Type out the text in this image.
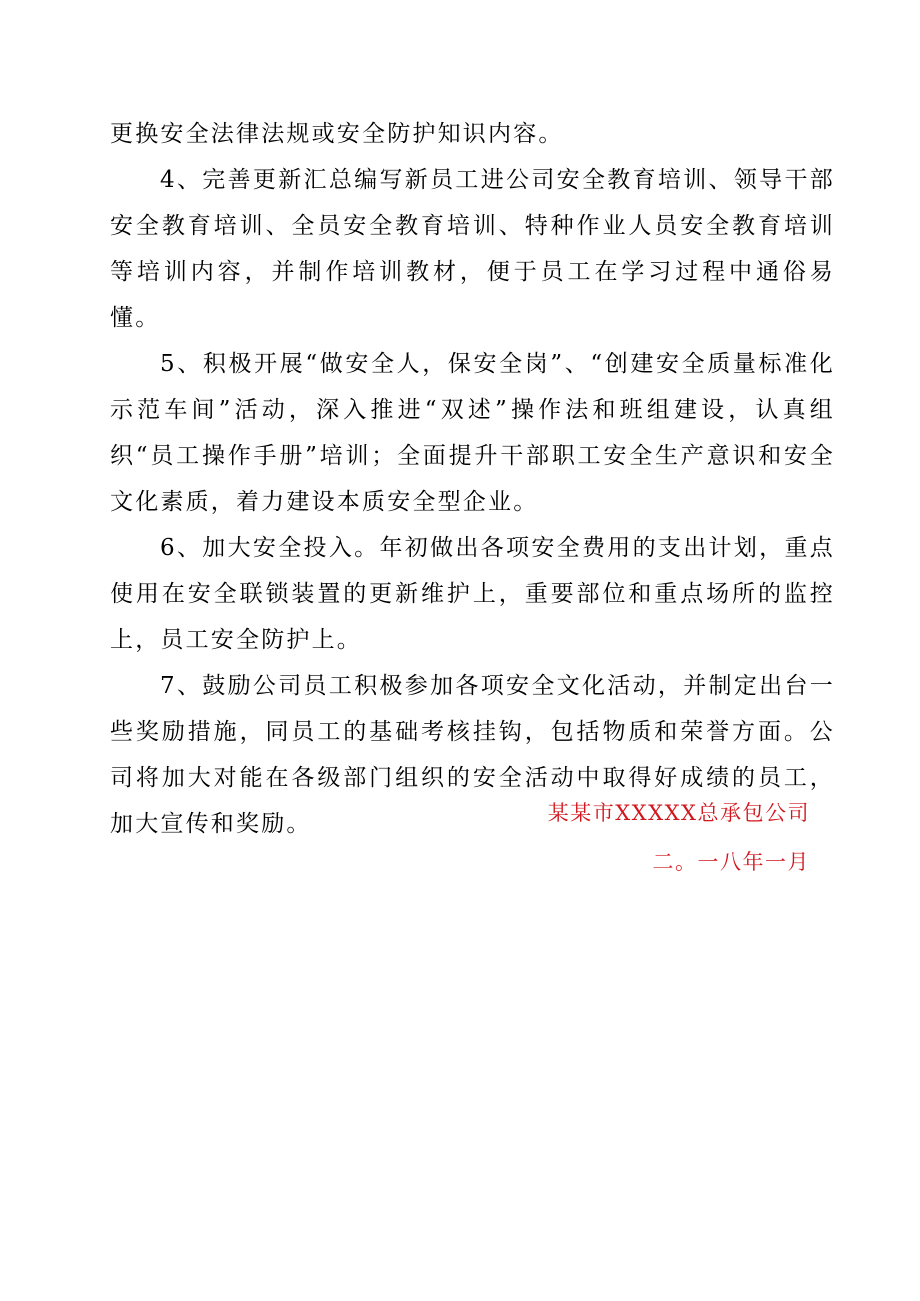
更换安全法律法规或安全防护知识内容。

4、完善更新汇总编写新员工进公司安全教育培训、领导干部安全教育培训、全员安全教育培训、特种作业人员安全教育培训等培训内容，并制作培训教材，便于员工在学习过程中通俗易懂。

5、积极开展“做安全人，保安全岗”、“创建安全质量标准化示范车间”活动，深入推进“双述”操作法和班组建设，认真组织“员工操作手册”培训；全面提升干部职工安全生产意识和安全文化素质，着力建设本质安全型企业。

6、加大安全投入。年初做出各项安全费用的支出计划，重点使用在安全联锁装置的更新维护上，重要部位和重点场所的监控上，员工安全防护上。

7、鼓励公司员工积极参加各项安全文化活动，并制定出台一些奖励措施，同员工的基础考核挂钩，包括物质和荣誉方面。公司将加大对能在各级部门组织的安全活动中取得好成绩的员工，加大宣传和奖励。	某某市XXXXX总承包公司
二。一八年一月
